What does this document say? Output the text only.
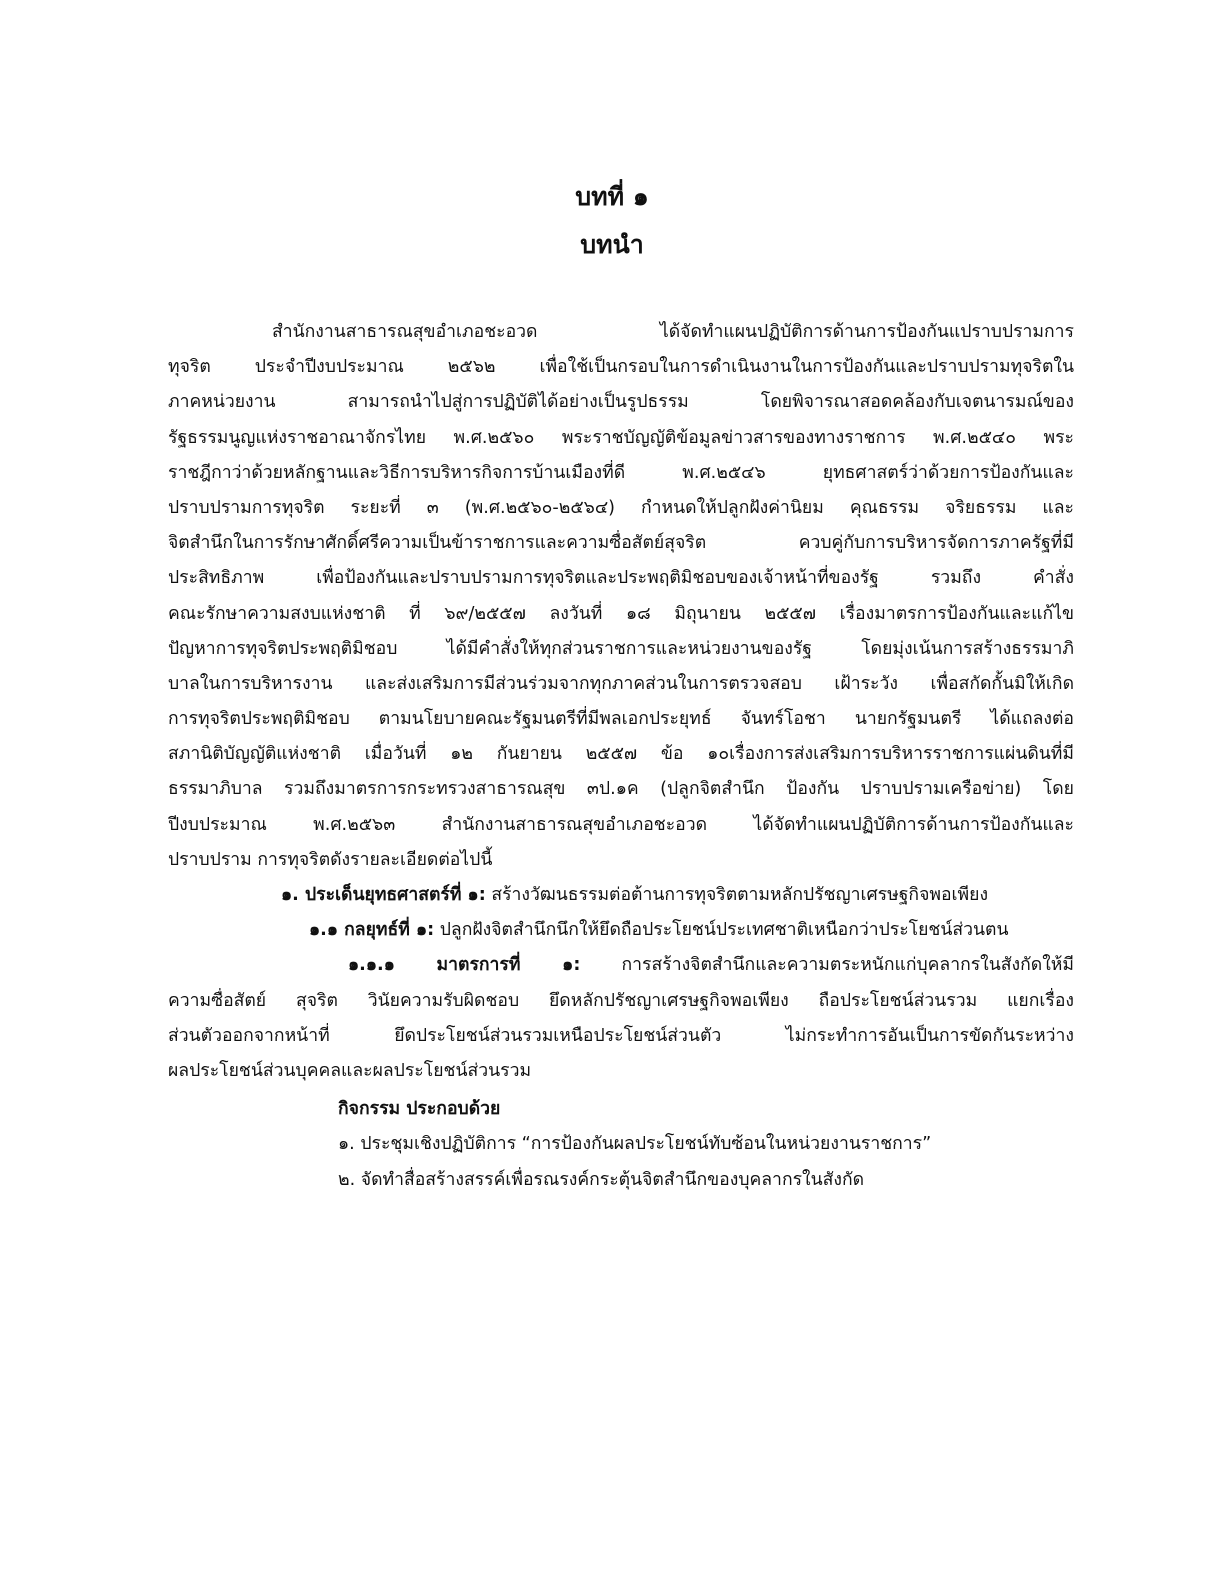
บทที่ ๑
บทนำ
สำนักงานสาธารณสุขอำเภอชะอวด ได้จัดทำแผนปฏิบัติการด้านการป้องกันแปราบปรามการ
ทุจริต ประจำปีงบประมาณ ๒๕๖๒ เพื่อใช้เป็นกรอบในการดำเนินงานในการป้องกันและปราบปรามทุจริตใน
ภาคหน่วยงาน สามารถนำไปสู่การปฏิบัติได้อย่างเป็นรูปธรรม โดยพิจารณาสอดคล้องกับเจตนารมณ์ของ
รัฐธรรมนูญแห่งราชอาณาจักรไทย พ.ศ.๒๕๖๐ พระราชบัญญัติข้อมูลข่าวสารของทางราชการ พ.ศ.๒๕๔๐ พระ
ราชฎีกาว่าด้วยหลักฐานและวิธีการบริหารกิจการบ้านเมืองที่ดี พ.ศ.๒๕๔๖ ยุทธศาสตร์ว่าด้วยการป้องกันและ
ปราบปรามการทุจริต ระยะที่ ๓ (พ.ศ.๒๕๖๐-๒๕๖๔) กำหนดให้ปลูกฝังค่านิยม คุณธรรม จริยธรรม และ
จิตสำนึกในการรักษาศักดิ์ศรีความเป็นข้าราชการและความซื่อสัตย์สุจริต ควบคู่กับการบริหารจัดการภาครัฐที่มี
ประสิทธิภาพ เพื่อป้องกันและปราบปรามการทุจริตและประพฤติมิชอบของเจ้าหน้าที่ของรัฐ รวมถึง คำสั่ง
คณะรักษาความสงบแห่งชาติ ที่ ๖๙/๒๕๕๗ ลงวันที่ ๑๘ มิถุนายน ๒๕๕๗ เรื่องมาตรการป้องกันและแก้ไข
ปัญหาการทุจริตประพฤติมิชอบ ได้มีคำสั่งให้ทุกส่วนราชการและหน่วยงานของรัฐ โดยมุ่งเน้นการสร้างธรรมาภิ
บาลในการบริหารงาน และส่งเสริมการมีส่วนร่วมจากทุกภาคส่วนในการตรวจสอบ เฝ้าระวัง เพื่อสกัดกั้นมิให้เกิด
การทุจริตประพฤติมิชอบ ตามนโยบายคณะรัฐมนตรีที่มีพลเอกประยุทธ์ จันทร์โอชา นายกรัฐมนตรี ได้แถลงต่อ
สภานิติบัญญัติแห่งชาติ เมื่อวันที่ ๑๒ กันยายน ๒๕๕๗ ข้อ ๑๐เรื่องการส่งเสริมการบริหารราชการแผ่นดินที่มี
ธรรมาภิบาล รวมถึงมาตรการกระทรวงสาธารณสุข ๓ป.๑ค (ปลูกจิตสำนึก ป้องกัน ปราบปรามเครือข่าย) โดย
ปีงบประมาณ พ.ศ.๒๕๖๓ สำนักงานสาธารณสุขอำเภอชะอวด ได้จัดทำแผนปฏิบัติการด้านการป้องกันและ
ปราบปราม การทุจริตดังรายละเอียดต่อไปนี้
๑. ประเด็นยุทธศาสตร์ที่ ๑: สร้างวัฒนธรรมต่อต้านการทุจริตตามหลักปรัชญาเศรษฐกิจพอเพียง
๑.๑ กลยุทธ์ที่ ๑: ปลูกฝังจิตสำนึกนึกให้ยึดถือประโยชน์ประเทศชาติเหนือกว่าประโยชน์ส่วนตน
๑.๑.๑ มาตรการที่ ๑: การสร้างจิตสำนึกและความตระหนักแก่บุคลากรในสังกัดให้มี
ความซื่อสัตย์ สุจริต วินัยความรับผิดชอบ ยึดหลักปรัชญาเศรษฐกิจพอเพียง ถือประโยชน์ส่วนรวม แยกเรื่อง
ส่วนตัวออกจากหน้าที่ ยึดประโยชน์ส่วนรวมเหนือประโยชน์ส่วนตัว ไม่กระทำการอันเป็นการขัดกันระหว่าง
ผลประโยชน์ส่วนบุคคลและผลประโยชน์ส่วนรวม
กิจกรรม ประกอบด้วย
๑. ประชุมเชิงปฏิบัติการ “การป้องกันผลประโยชน์ทับซ้อนในหน่วยงานราชการ”
๒. จัดทำสื่อสร้างสรรค์เพื่อรณรงค์กระตุ้นจิตสำนึกของบุคลากรในสังกัด
